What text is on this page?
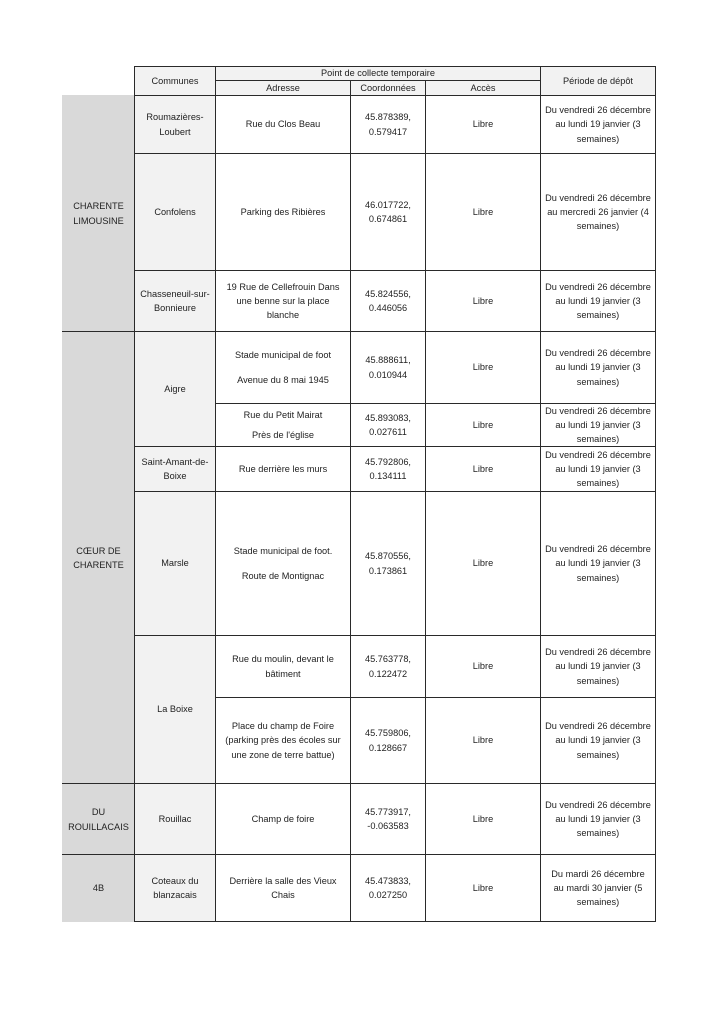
Communes
Point de collecte temporaire
Adresse	Coordonnées	Accès
Période de dépôt
CHARENTE LIMOUSINE
CŒUR DE CHARENTE
DU ROUILLACAIS
4B
Roumazières-Loubert
Confolens
Chasseneuil-sur-Bonnieure
Aigre
Saint-Amant-de-Boixe
Marsle
La Boixe
Rouillac
Coteaux du blanzacais
Rue du Clos Beau
45.878389, 0.579417
Libre
Du vendredi 26 décembre au lundi 19 janvier (3 semaines)
Parking des Ribières
46.017722, 0.674861
Libre
Du vendredi 26 décembre au mercredi 26 janvier (4 semaines)
19 Rue de Cellefrouin Dans une benne sur la place blanche
45.824556, 0.446056
Libre
Du vendredi 26 décembre au lundi 19 janvier (3 semaines)
Stade municipal de foot
Avenue du 8 mai 1945
45.888611, 0.010944
Libre
Du vendredi 26 décembre au lundi 19 janvier (3 semaines)
Rue du Petit Mairat
Près de l'église
45.893083, 0.027611
Libre
Du vendredi 26 décembre au lundi 19 janvier (3 semaines)
Rue derrière les murs
45.792806, 0.134111
Libre
Du vendredi 26 décembre au lundi 19 janvier (3 semaines)
Stade municipal de foot.
Route de Montignac
45.870556, 0.173861
Libre
Du vendredi 26 décembre au lundi 19 janvier (3 semaines)
Rue du moulin, devant le bâtiment
45.763778, 0.122472
Libre
Du vendredi 26 décembre au lundi 19 janvier (3 semaines)
Place du champ de Foire (parking près des écoles sur une zone de terre battue)
45.759806, 0.128667
Libre
Du vendredi 26 décembre au lundi 19 janvier (3 semaines)
Champ de foire
45.773917, -0.063583
Libre
Du vendredi 26 décembre au lundi 19 janvier (3 semaines)
Derrière la salle des Vieux Chais
45.473833, 0.027250
Libre
Du mardi 26 décembre au mardi 30 janvier (5 semaines)
